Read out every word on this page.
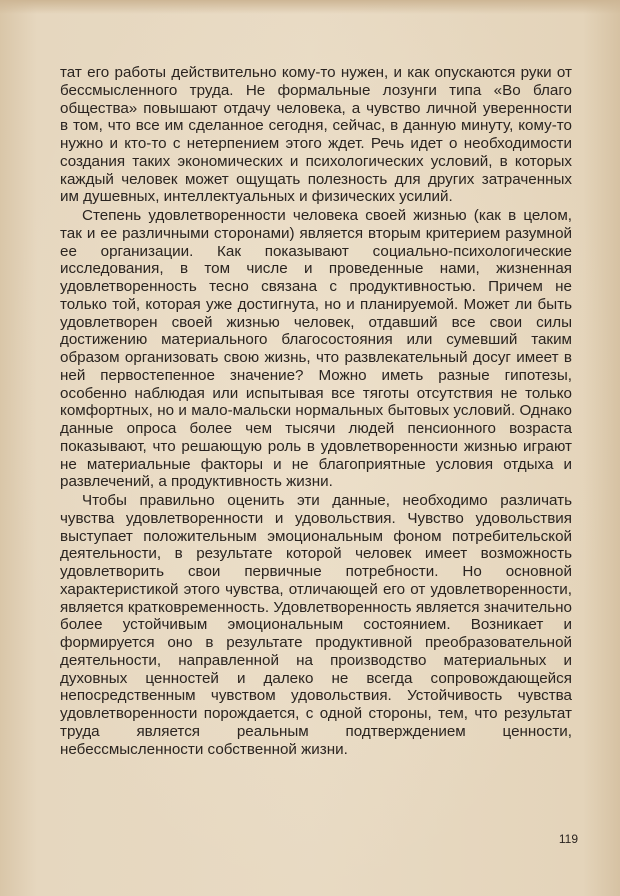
тат его работы действительно кому-то нужен, и как опускаются руки от бессмысленного труда. Не формальные лозунги типа «Во благо общества» повышают отдачу человека, а чувство личной уверенности в том, что все им сделанное сегодня, сейчас, в данную минуту, кому-то нужно и кто-то с нетерпением этого ждет. Речь идет о необходимости создания таких экономических и психологических условий, в которых каждый человек может ощущать полезность для других затраченных им душевных, интеллектуальных и физических усилий.

Степень удовлетворенности человека своей жизнью (как в целом, так и ее различными сторонами) является вторым критерием разумной ее организации. Как показывают социально-психологические исследования, в том числе и проведенные нами, жизненная удовлетворенность тесно связана с продуктивностью. Причем не только той, которая уже достигнута, но и планируемой. Может ли быть удовлетворен своей жизнью человек, отдавший все свои силы достижению материального благосостояния или сумевший таким образом организовать свою жизнь, что развлекательный досуг имеет в ней первостепенное значение? Можно иметь разные гипотезы, особенно наблюдая или испытывая все тяготы отсутствия не только комфортных, но и мало-мальски нормальных бытовых условий. Однако данные опроса более чем тысячи людей пенсионного возраста показывают, что решающую роль в удовлетворенности жизнью играют не материальные факторы и не благоприятные условия отдыха и развлечений, а продуктивность жизни.

Чтобы правильно оценить эти данные, необходимо различать чувства удовлетворенности и удовольствия. Чувство удовольствия выступает положительным эмоциональным фоном потребительской деятельности, в результате которой человек имеет возможность удовлетворить свои первичные потребности. Но основной характеристикой этого чувства, отличающей его от удовлетворенности, является кратковременность. Удовлетворенность является значительно более устойчивым эмоциональным состоянием. Возникает и формируется оно в результате продуктивной преобразовательной деятельности, направленной на производство материальных и духовных ценностей и далеко не всегда сопровождающейся непосредственным чувством удовольствия. Устойчивость чувства удовлетворенности порождается, с одной стороны, тем, что результат труда является реальным подтверждением ценности, небессмысленности собственной жизни.

119
